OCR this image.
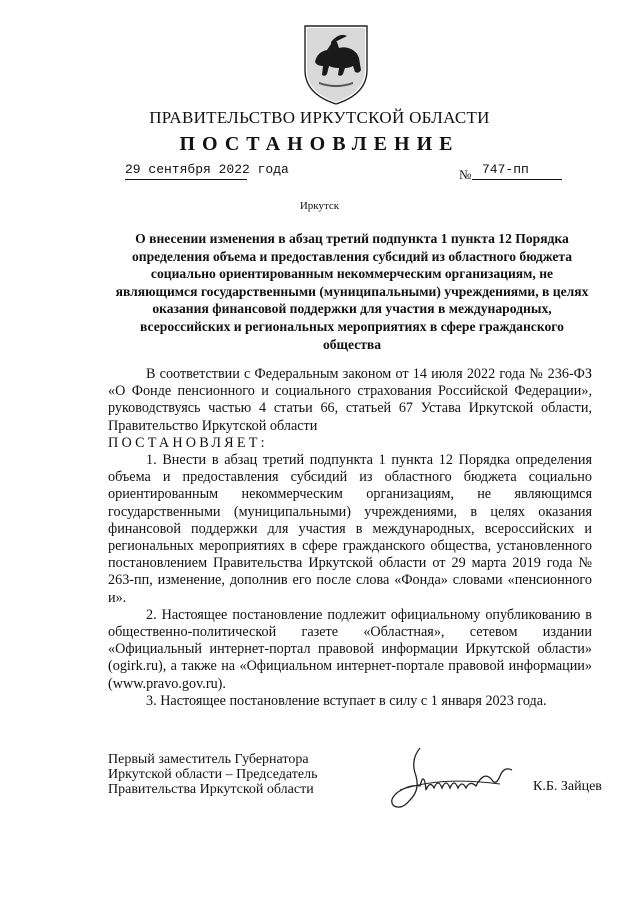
ПРАВИТЕЛЬСТВО ИРКУТСКОЙ ОБЛАСТИ
ПОСТАНОВЛЕНИЕ
29 сентября 2022 года	№ 747-пп
Иркутск
О внесении изменения в абзац третий подпункта 1 пункта 12 Порядка определения объема и предоставления субсидий из областного бюджета социально ориентированным некоммерческим организациям, не являющимся государственными (муниципальными) учреждениями, в целях оказания финансовой поддержки для участия в международных, всероссийских и региональных мероприятиях в сфере гражданского общества

В соответствии с Федеральным законом от 14 июля 2022 года № 236-ФЗ «О Фонде пенсионного и социального страхования Российской Федерации», руководствуясь частью 4 статьи 66, статьей 67 Устава Иркутской области, Правительство Иркутской области

ПОСТАНОВЛЯЕТ:

1. Внести в абзац третий подпункта 1 пункта 12 Порядка определения объема и предоставления субсидий из областного бюджета социально ориентированным некоммерческим организациям, не являющимся государственными (муниципальными) учреждениями, в целях оказания финансовой поддержки для участия в международных, всероссийских и региональных мероприятиях в сфере гражданского общества, установленного постановлением Правительства Иркутской области от 29 марта 2019 года № 263-пп, изменение, дополнив его после слова «Фонда» словами «пенсионного и».

2. Настоящее постановление подлежит официальному опубликованию в общественно-политической газете «Областная», сетевом издании «Официальный интернет-портал правовой информации Иркутской области» (ogirk.ru), а также на «Официальном интернет-портале правовой информации» (www.pravo.gov.ru).

3. Настоящее постановление вступает в силу с 1 января 2023 года.

Первый заместитель Губернатора
Иркутской области – Председатель
Правительства Иркутской области	К.Б. Зайцев
